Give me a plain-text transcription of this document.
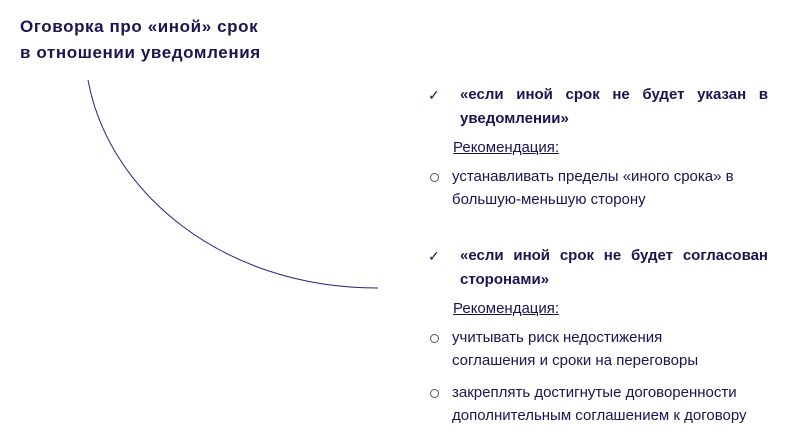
Оговорка про «иной» срок
в отношении уведомления
✓ «если иной срок не будет указан в уведомлении»
Рекомендация:
устанавливать пределы «иного срока» в
большую-меньшую сторону
✓ «если иной срок не будет согласован сторонами»
Рекомендация:
учитывать риск недостижения
соглашения и сроки на переговоры
закреплять достигнутые договоренности
дополнительным соглашением к договору
